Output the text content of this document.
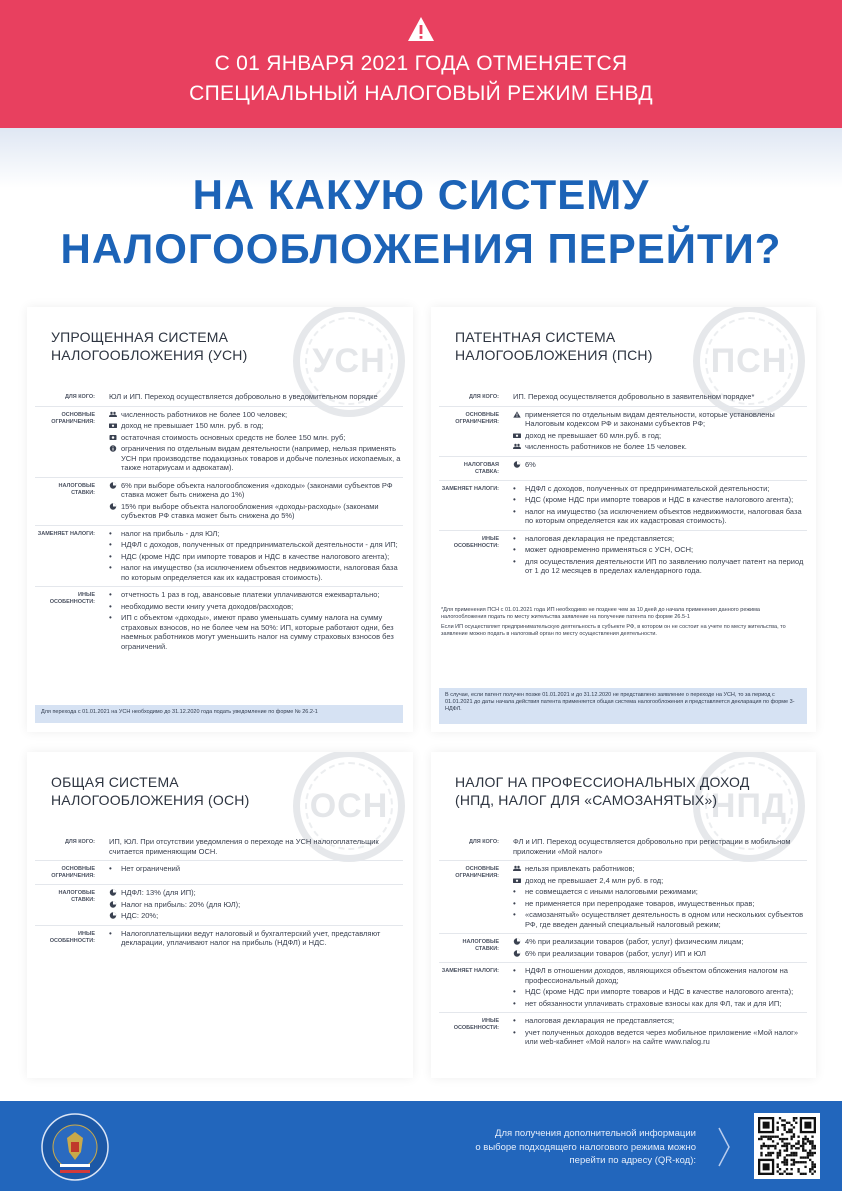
С 01 ЯНВАРЯ 2021 ГОДА ОТМЕНЯЕТСЯ
СПЕЦИАЛЬНЫЙ НАЛОГОВЫЙ РЕЖИМ ЕНВД
НА КАКУЮ СИСТЕМУ
НАЛОГООБЛОЖЕНИЯ ПЕРЕЙТИ?
УСН
УПРОЩЕННАЯ СИСТЕМА
НАЛОГООБЛОЖЕНИЯ (УСН)
ДЛЯ КОГО: ЮЛ и ИП. Переход осуществляется добровольно в уведомительном порядке
ОСНОВНЫЕ ОГРАНИЧЕНИЯ:
численность работников не более 100 человек;
доход не превышает 150 млн. руб. в год;
остаточная стоимость основных средств не более 150 млн. руб;
ограничения по отдельным видам деятельности (например, нельзя применять УСН при производстве подакцизных товаров и добыче полезных ископаемых, а также нотариусам и адвокатам).
НАЛОГОВЫЕ СТАВКИ:
6% при выборе объекта налогообложения «доходы» (законами субъектов РФ ставка может быть снижена до 1%)
15% при выборе объекта налогообложения «доходы-расходы» (законами субъектов РФ ставка может быть снижена до 5%)
ЗАМЕНЯЕТ НАЛОГИ: •	налог на прибыль - для ЮЛ;
•
НДФЛ с доходов, полученных от предпринимательской деятельности - для ИП;
•
НДС (кроме НДС при импорте товаров и НДС в качестве налогового агента);
•
налог на имущество (за исключением объектов недвижимости, налоговая база по которым определяется как их кадастровая стоимость).
ИНЫЕ ОСОБЕННОСТИ:
•
отчетность 1 раз в год, авансовые платежи уплачиваются ежеквартально;
•
необходимо вести книгу учета доходов/расходов;
•
ИП с объектом «доходы», имеют право уменьшать сумму налога на сумму страховых взносов, но не более чем на 50%: ИП, которые работают одни, без наемных работников могут уменьшить налог на сумму страховых взносов без ограничений.
Для перехода с 01.01.2021 на УСН необходимо до 31.12.2020 года подать уведомление по форме № 26.2-1
ПСН
ПАТЕНТНАЯ СИСТЕМА
НАЛОГООБЛОЖЕНИЯ (ПСН)
ДЛЯ КОГО: ИП. Переход осуществляется добровольно в заявительном порядке*
ОСНОВНЫЕ ОГРАНИЧЕНИЯ:
применяется по отдельным видам деятельности, которые установлены Налоговым кодексом РФ и законами субъектов РФ;
доход не превышает 60 млн.руб. в год;
численность работников не более 15 человек.
НАЛОГОВАЯ СТАВКА:
6%
ЗАМЕНЯЕТ НАЛОГИ: •	НДФЛ с доходов, полученных от предпринимательской деятельности;
•
НДС (кроме НДС при импорте товаров и НДС в качестве налогового агента);
•
налог на имущество (за исключением объектов недвижимости, налоговая база по которым определяется как их кадастровая стоимость).
ИНЫЕ ОСОБЕННОСТИ:
•
налоговая декларация не представляется;
•
может одновременно применяться с УСН, ОСН;
•
для осуществления деятельности ИП по заявлению получает патент на период от 1 до 12 месяцев в пределах календарного года.

*Для применения ПСН с 01.01.2021 года ИП необходимо не позднее чем за 10 дней до начала применения данного режима налогообложения подать по месту жительства заявление на получение патента по форме 26.5-1

Если ИП осуществляет предпринимательскую деятельность в субъекте РФ, в котором он не состоит на учете по месту жительства, то заявление можно подать в налоговый орган по месту осуществления деятельности.

В случае, если патент получен позже 01.01.2021 и до 31.12.2020 не представлено заявление о переходе на УСН, то за период с 01.01.2021 до даты начала действия патента применяется общая система налогообложения и представляется декларация по форме 3-НДФЛ.
ОСН
ОБЩАЯ СИСТЕМА
НАЛОГООБЛОЖЕНИЯ (ОСН)
ДЛЯ КОГО: ИП, ЮЛ. При отсутствии уведомления о переходе на УСН налогоплательщик считается применяющим ОСН.
ОСНОВНЫЕ ОГРАНИЧЕНИЯ:
•
Нет ограничений
НАЛОГОВЫЕ СТАВКИ:
НДФЛ: 13% (для ИП);
Налог на прибыль: 20% (для ЮЛ);
НДС: 20%;
ИНЫЕ ОСОБЕННОСТИ:
•
Налогоплательщики ведут налоговый и бухгалтерский учет, представляют декларации, уплачивают налог на прибыль (НДФЛ) и НДС.
НПД
НАЛОГ НА ПРОФЕССИОНАЛЬНЫХ ДОХОД
(НПД, НАЛОГ ДЛЯ «САМОЗАНЯТЫХ»)
ДЛЯ КОГО: ФЛ и ИП. Переход осуществляется добровольно при регистрации в мобильном приложении «Мой налог»
ОСНОВНЫЕ ОГРАНИЧЕНИЯ:
нельзя привлекать работников;
доход не превышает 2,4 млн руб. в год;
•
не совмещается с иными налоговыми режимами;
•
не применяется при перепродаже товаров, имущественных прав;
•
«самозанятый» осуществляет деятельность в одном или нескольких субъектов РФ, где введен данный специальный налоговый режим;
НАЛОГОВЫЕ СТАВКИ:
4% при реализации товаров (работ, услуг) физическим лицам;
6% при реализации товаров (работ, услуг) ИП и ЮЛ
ЗАМЕНЯЕТ НАЛОГИ: •	НДФЛ в отношении доходов, являющихся объектом обложения налогом на профессиональный доход;
•
НДС (кроме НДС при импорте товаров и НДС в качестве налогового агента);
•
нет обязанности уплачивать страховые взносы как для ФЛ, так и для ИП;
ИНЫЕ ОСОБЕННОСТИ:
•
налоговая декларация не представляется;
•
учет полученных доходов ведется через мобильное приложение «Мой налог» или web-кабинет «Мой налог» на сайте www.nalog.ru
Для получения дополнительной информации
о выборе подходящего налогового режима можно
перейти по адресу (QR-код):
